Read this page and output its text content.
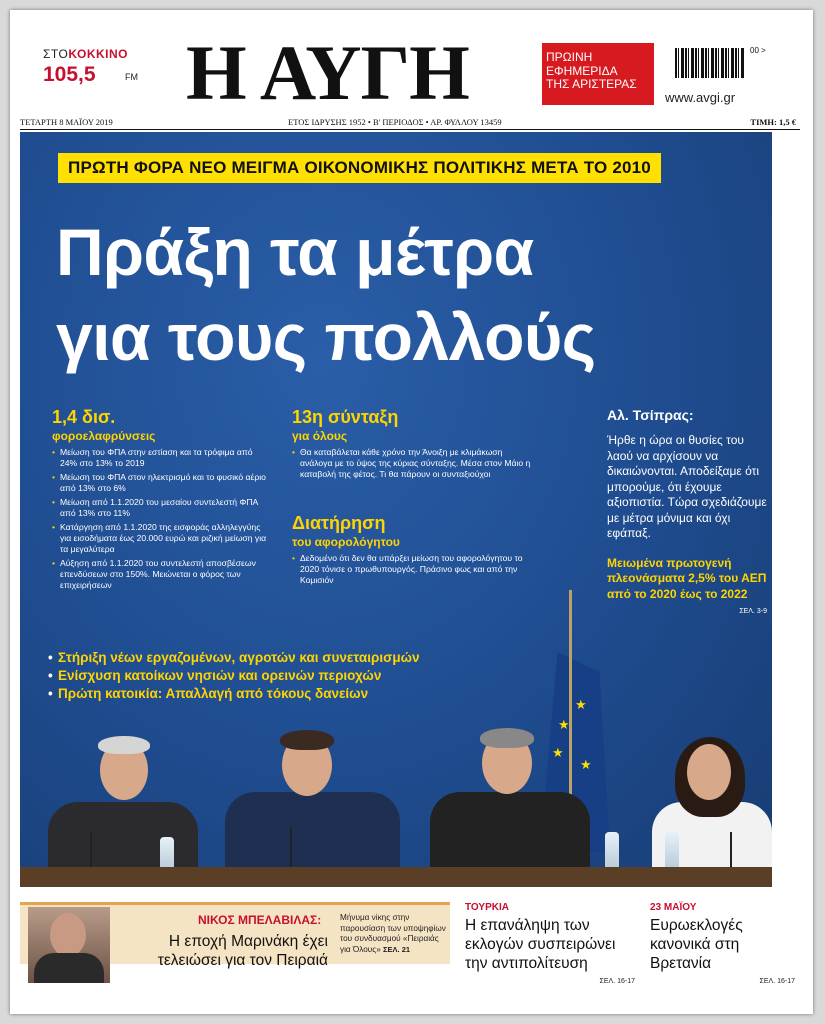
ΣΤΟΚΟΚΚΙΝΟ
105,5	FM Η ΑΥΓΗ	ΠΡΩΙΝΗ
ΕΦΗΜΕΡΙΔΑ
ΤΗΣ ΑΡΙΣΤΕΡΑΣ
00 >
www.avgi.gr
ΤΕΤΑΡΤΗ 8 ΜΑΪΟΥ 2019	ΕΤΟΣ ΙΔΡΥΣΗΣ 1952 • Β' ΠΕΡΙΟΔΟΣ • ΑΡ. ΦΥΛΛΟΥ 13459	ΤΙΜΗ: 1,5 €
ΠΡΩΤΗ ΦΟΡΑ ΝΕΟ ΜΕΙΓΜΑ ΟΙΚΟΝΟΜΙΚΗΣ ΠΟΛΙΤΙΚΗΣ ΜΕΤΑ ΤΟ 2010
Πράξη τα μέτρα
για τους πολλούς
1,4 δισ.
φοροελαφρύνσεις
• Μείωση του ΦΠΑ στην εστίαση και τα τρόφιμα από 24% στο 13% το 2019
• Μείωση του ΦΠΑ στον ηλεκτρισμό και το φυσικό αέριο από 13% στο 6%
• Μείωση από 1.1.2020 του μεσαίου συντελεστή ΦΠΑ από 13% στο 11%
• Κατάργηση από 1.1.2020 της εισφοράς αλληλεγγύης για εισοδήματα έως 20.000 ευρώ και ριζική μείωση για τα μεγαλύτερα
• Αύξηση από 1.1.2020 του συντελεστή αποσβέσεων επενδύσεων στο 150%. Μειώνεται ο φόρος των επιχειρήσεων
13η σύνταξη
για όλους
• Θα καταβάλεται κάθε χρόνο την Άνοιξη με κλιμάκωση ανάλογα με το ύψος της κύριας σύνταξης. Μέσα στον Μάιο η καταβολή της φέτος. Τι θα πάρουν οι συνταξιούχοι
Διατήρηση
του αφορολόγητου
• Δεδομένο ότι δεν θα υπάρξει μείωση του αφορολόγητου το 2020 τόνισε ο πρωθυπουργός. Πράσινο φως και από την Κομισιόν
Αλ. Τσίπρας:
Ήρθε η ώρα οι θυσίες του λαού να αρχίσουν να δικαιώνονται. Αποδείξαμε ότι μπορούμε, ότι έχουμε αξιοπιστία. Τώρα σχεδιάζουμε με μέτρα μόνιμα και όχι εφάπαξ.
Μειωμένα πρωτογενή πλεονάσματα 2,5% του ΑΕΠ από το 2020 έως το 2022
ΣΕΛ. 3-9
• Στήριξη νέων εργαζομένων, αγροτών και συνεταιρισμών
• Ενίσχυση κατοίκων νησιών και ορεινών περιοχών
• Πρώτη κατοικία: Απαλλαγή από τόκους δανείων
★
★
★
★
ΝΙΚΟΣ ΜΠΕΛΑΒΙΛΑΣ:
Η εποχή Μαρινάκη έχει τελειώσει για τον Πειραιά
Μήνυμα νίκης στην παρουσίαση των υποψηφίων του συνδυασμού «Πειραιάς για Όλους» ΣΕΛ. 21
ΤΟΥΡΚΙΑ
Η επανάληψη των εκλογών συσπειρώνει την αντιπολίτευση
ΣΕΛ. 16-17
23 ΜΑΪΟΥ
Ευρωεκλογές κανονικά στη Βρετανία
ΣΕΛ. 16-17
